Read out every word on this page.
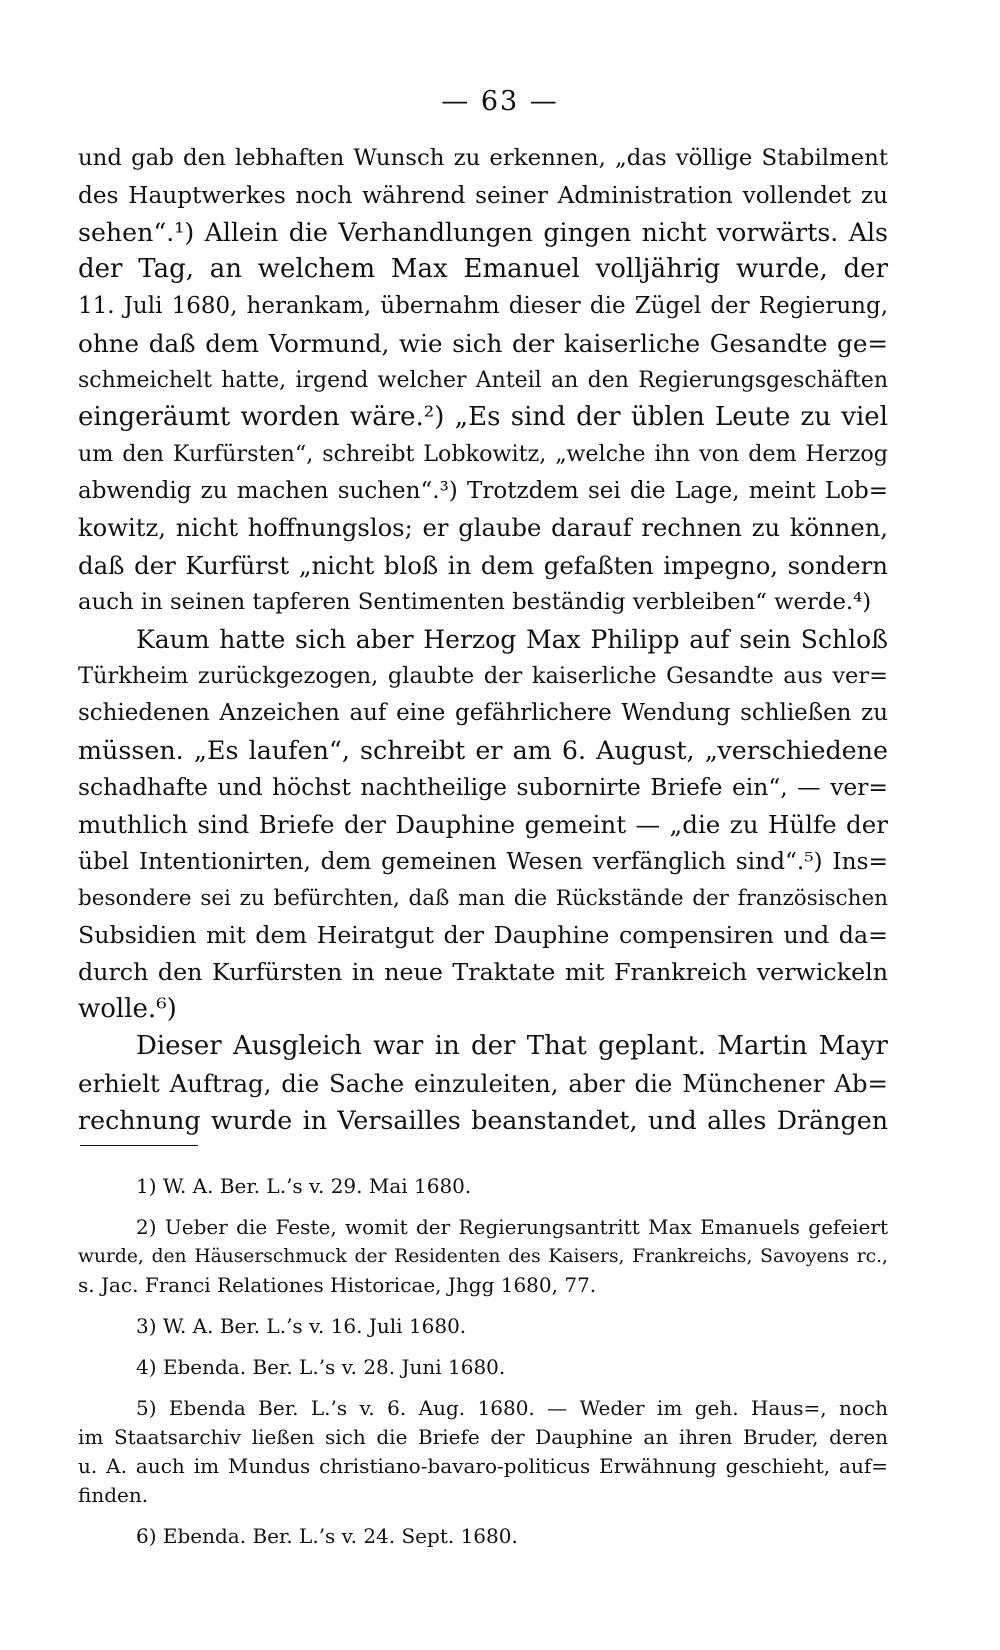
— 63 —
und gab den lebhaften Wunsch zu erkennen, „das völlige Stabilment
des Hauptwerkes noch während seiner Administration vollendet zu
sehen“.¹) Allein die Verhandlungen gingen nicht vorwärts. Als
der Tag, an welchem Max Emanuel volljährig wurde, der
11. Juli 1680, herankam, übernahm dieser die Zügel der Regierung,
ohne daß dem Vormund, wie sich der kaiserliche Gesandte ge=
schmeichelt hatte, irgend welcher Anteil an den Regierungsgeschäften
eingeräumt worden wäre.²) „Es sind der üblen Leute zu viel
um den Kurfürsten“, schreibt Lobkowitz, „welche ihn von dem Herzog
abwendig zu machen suchen“.³) Trotzdem sei die Lage, meint Lob=
kowitz, nicht hoffnungslos; er glaube darauf rechnen zu können,
daß der Kurfürst „nicht bloß in dem gefaßten impegno, sondern
auch in seinen tapferen Sentimenten beständig verbleiben“ werde.⁴)
Kaum hatte sich aber Herzog Max Philipp auf sein Schloß
Türkheim zurückgezogen, glaubte der kaiserliche Gesandte aus ver=
schiedenen Anzeichen auf eine gefährlichere Wendung schließen zu
müssen. „Es laufen“, schreibt er am 6. August, „verschiedene
schadhafte und höchst nachtheilige subornirte Briefe ein“, — ver=
muthlich sind Briefe der Dauphine gemeint — „die zu Hülfe der
übel Intentionirten, dem gemeinen Wesen verfänglich sind“.⁵) Ins=
besondere sei zu befürchten, daß man die Rückstände der französischen
Subsidien mit dem Heiratgut der Dauphine compensiren und da=
durch den Kurfürsten in neue Traktate mit Frankreich verwickeln
wolle.⁶)
Dieser Ausgleich war in der That geplant. Martin Mayr
erhielt Auftrag, die Sache einzuleiten, aber die Münchener Ab=
rechnung wurde in Versailles beanstandet, und alles Drängen
1) W. A. Ber. L.’s v. 29. Mai 1680.
2) Ueber die Feste, womit der Regierungsantritt Max Emanuels gefeiert
wurde, den Häuserschmuck der Residenten des Kaisers, Frankreichs, Savoyens rc.,
s. Jac. Franci Relationes Historicae, Jhgg 1680, 77.
3) W. A. Ber. L.’s v. 16. Juli 1680.
4) Ebenda. Ber. L.’s v. 28. Juni 1680.
5) Ebenda Ber. L.’s v. 6. Aug. 1680. — Weder im geh. Haus=, noch
im Staatsarchiv ließen sich die Briefe der Dauphine an ihren Bruder, deren
u. A. auch im Mundus christiano-bavaro-politicus Erwähnung geschieht, auf=
finden.
6) Ebenda. Ber. L.’s v. 24. Sept. 1680.
